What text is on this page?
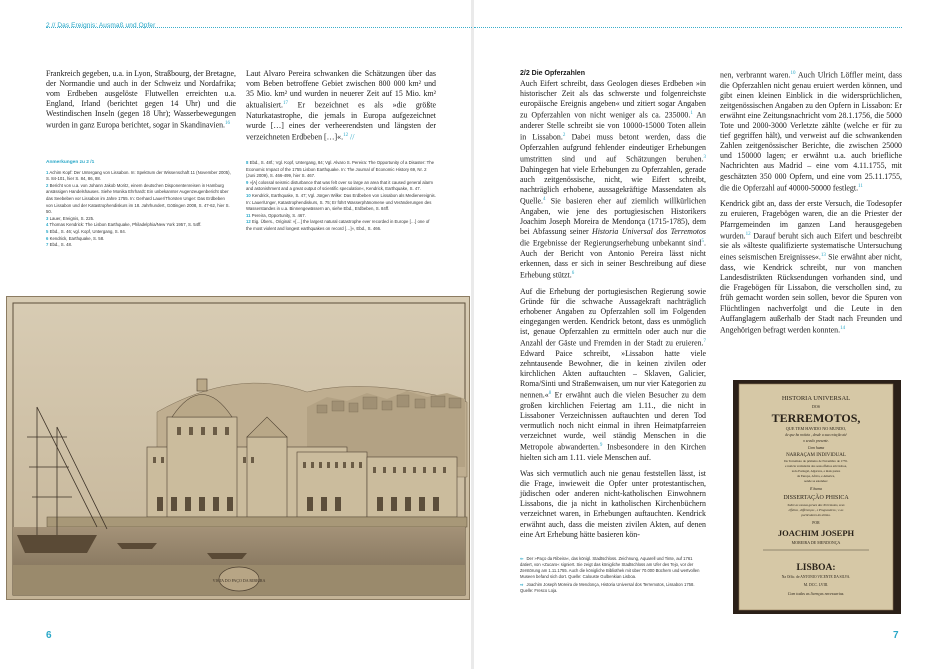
2 // Das Ereignis: Ausmaß und Opfer

Frankreich gegeben, u.a. in Lyon, Straßbourg, der Bretagne, der Normandie und auch in der Schweiz und Nordafrika; vom Erdbeben ausgelöste Flutwellen erreichten u.a. England, Irland (berichtet gegen 14 Uhr) und die Westindischen Inseln (gegen 18 Uhr); Wasserbewegungen wurden in ganz Europa berichtet, sogar in Skandinavien.$^{16}$

Laut Alvaro Pereira schwanken die Schätzungen über das vom Beben betroffene Gebiet zwischen 800 000 km² und 35 Mio. km² und wurden in neuerer Zeit auf 15 Mio. km² aktualisiert.$^{17}$ Er bezeichnet es als »die größte Naturkatastrophe, die jemals in Europa aufgezeichnet wurde […] eines der verheerendsten und längsten der verzeichneten Erdbeben […]«.$^{12}$ //

Anmerkungen zu 2 /1

1 Achim Kopf: Der Untergang von Lissabon. In: Spektrum der Wissenschaft 11 (November 2005), S. 84-101, hier S. 84, 86, 88.

2 Bericht von u.a. von Johann Jakob Moritz, einem deutschen Disponentenreisen in Hamburg ansässigen Handelshauses. Siehe Monika Ehrhardt: Ein unbekannter Augenzeugenbericht über das Seebeben vor Lissabon im Jahre 1755. In: Gerhard Lauer/Thorsten Unger: Das Erdbeben von Lissabon und der Katastrophendiskurs im 18. Jahrhundert, Göttingen 2008, S. 47-62, hier S. 50.

3 Lauer, Ereignis, S. 225.

4 Thomas Kendrick: The Lisbon Earthquake, Philadelphia/New York 1957, S. 54ff.

5 Ebd., S. 46; vgl. Kopf, Untergang, S. 84.

6 Kendrick, Earthquake, S. 58.

7 Ebd., S. 48.

8 Ebd., S. 48f.; Vgl. Kopf, Untergang, 84; Vgl. Alvaro S. Pereira: The Opportunity of a Disaster: The Economic Impact of the 1755 Lisbon Earthquake. In: The Journal of Economic History 69, Nr. 2 (Juni 2009), S. 466-499, hier S. 467.

9 »[A] colossal seismic disturbance that was felt over so large an area that it caused general alarm and astonishment and a great output of scientific speculation«, Kendrick, Earthquake, S. 47.

10 Kendrick, Earthquake, S. 47; Vgl. Jürgen Wilke: Das Erdbeben von Lissabon als Medienereignis. In: Lauer/Unger, Katastrophendiskurs, S. 75; Er führt Wasserphänomene und Veränderungen des Wasserstandes in u.a. Binnengewässern an, siehe Ebd., Erdbeben, S. 84ff.

11 Pereira, Opportunity, S. 467.

12 Eig. Übers., Original: »[…] the largest natural catastrophe ever recorded in Europe […] one of the most violent and longest earthquakes on record […]«, Ebd., S. 466.

VISTA DO PAÇO DA RIBEIRA
2/2 Die Opferzahlen

Auch Eifert schreibt, dass Geologen dieses Erdbeben »in historischer Zeit als das schwerste und folgenreichste europäische Ereignis angeben« und zitiert sogar Angaben zu Opferzahlen von nicht weniger als ca. 235000.$^1$ An anderer Stelle schreibt sie von 10000-15000 Toten allein in Lissabon.$^2$ Dabei muss betont werden, dass die Opferzahlen aufgrund fehlender eindeutiger Erhebungen umstritten sind und auf Schätzungen beruhen.$^3$ Dahingegen hat viele Erhebungen zu Opferzahlen, gerade auch zeitgenössische, nicht, wie Eifert schreibt, nachträglich erhobene, aussagekräftige Massendaten als Quelle.$^4$ Sie basieren eher auf ziemlich willkürlichen Angaben, wie jene des portugiesischen Historikers Joachim Joseph Moreira de Mendonça (1715-1785), dem bei Abfassung seiner Historia Universal dos Terremotos die Ergebnisse der Regierungserhebung unbekannt sind$^5$. Auch der Bericht von Antonio Pereira lässt nicht erkennen, dass er sich in seiner Beschreibung auf diese Erhebung stützt.$^6$

Auf die Erhebung der portugiesischen Regierung sowie Gründe für die schwache Aussagekraft nachträglich erhobener Angaben zu Opferzahlen soll im Folgenden eingegangen werden. Kendrick betont, dass es unmöglich ist, genaue Opferzahlen zu ermitteln oder auch nur die Anzahl der Gäste und Fremden in der Stadt zu eruieren.$^7$ Edward Paice schreibt, »Lissabon hatte viele zehntausende Bewohner, die in keinen zivilen oder kirchlichen Akten auftauchten – Sklaven, Galicier, Roma/Sinti und Straßenwaisen, um nur vier Kategorien zu nennen.«$^8$ Er erwähnt auch die vielen Besucher zu dem großen kirchlichen Feiertag am 1.11., die nicht in Lissaboner Verzeichnissen auftauchten und deren Tod vermutlich noch nicht einmal in ihren Heimatpfarreien verzeichnet wurde, weil ständig Menschen in die Metropole abwanderten.$^9$ Insbesondere in den Kirchen hielten sich am 1.11. viele Menschen auf.

Was sich vermutlich auch nie genau feststellen lässt, ist die Frage, inwieweit die Opfer unter protestantischen, jüdischen oder anderen nicht-katholischen Einwohnern Lissabons, die ja nicht in katholischen Kirchenbüchern verzeichnet waren, in Erhebungen auftauchten. Kendrick erwähnt auch, dass die meisten zivilen Akten, auf denen eine Art Erhebung hätte basieren kön-

nen, verbrannt waren.$^{10}$ Auch Ulrich Löffler meint, dass die Opferzahlen nicht genau eruiert werden können, und gibt einen kleinen Einblick in die widersprüchlichen, zeitgenössischen Angaben zu den Opfern in Lissabon: Er erwähnt eine Zeitungsnachricht vom 28.1.1756, die 5000 Tote und 2000-3000 Verletzte zählte (welche er für zu tief gegriffen hält), und verweist auf die schwankenden Zahlen zeitgenössischer Berichte, die zwischen 25000 und 150000 lagen; er erwähnt u.a. auch briefliche Nachrichten aus Madrid – eine vom 4.11.1755, mit geschätzten 350 000 Opfern, und eine vom 25.11.1755, die die Opferzahl auf 40000-50000 festlegt.$^{11}$

Kendrick gibt an, dass der erste Versuch, die Todesopfer zu eruieren, Fragebögen waren, die an die Priester der Pfarrgemeinden im ganzen Land herausgegeben wurden.$^{12}$ Darauf beruht sich auch Eifert und beschreibt sie als »älteste qualifizierte systematische Untersuchung eines seismischen Ereignisses«.$^{13}$ Sie erwähnt aber nicht, dass, wie Kendrick schreibt, nur von manchen Landesdistrikten Rücksendungen vorhanden sind, und die Fragebögen für Lissabon, die verschollen sind, zu früh gemacht worden sein sollen, bevor die Spuren von Flüchtlingen nachverfolgt und die Leute in den Auffanglagern außerhalb der Stadt nach Freunden und Angehörigen befragt werden konnten.$^{14}$

HISTORIA UNIVERSAL
DOS
TERREMOTOS,
QUE TEM HAVIDO NO MUNDO,
de que ha noticia , desde a sua criação até
o seculo presente.
Com huma
NARRAÇAM INDIVIDUAL
Do Terremoto do primeiro de Novembro de 1755.
e noticia verdadeira dos seus effeitos em Lisboa,
todo Portugal, Algarves, e mais partes
da Europa, Africa, e America,
aonde se estendeo:
E huma
DISSERTAÇÃO PHISICA
Sobre as causas geraes dos Terremotos, seus
effeitos , differenças , e Prognosticos ; e as
particulares do ultimo.
POR
JOACHIM JOSEPH
MOREIRA DE MENDONÇA
LISBOA:
Na Offic. de ANTONIO VICENTE DA SILVA.
M. DCC. LVIII.
Com todas as licenças necessarias.
⇦ Der »Paço da Ribeira«, das königl. Stadtschloss. Zeichnung, Aquarell und Tinte, auf 1761 datiert, von »Zucaro« signiert. Sie zeigt das königliche Stadtschloss am Ufer des Tejo, vor der Zerstörung am 1.11.1755. Auch die königliche Bibliothek mit über 70.000 Büchern und wertvollen Museen befand sich dort. Quelle: Calouste Gulbenkian Lisboa.
⇨ Joachim Joseph Moreira de Mendonça, Historia Universal dos Terremotos, Lissabon 1758. Quelle: Fresco Loja.
6	7
